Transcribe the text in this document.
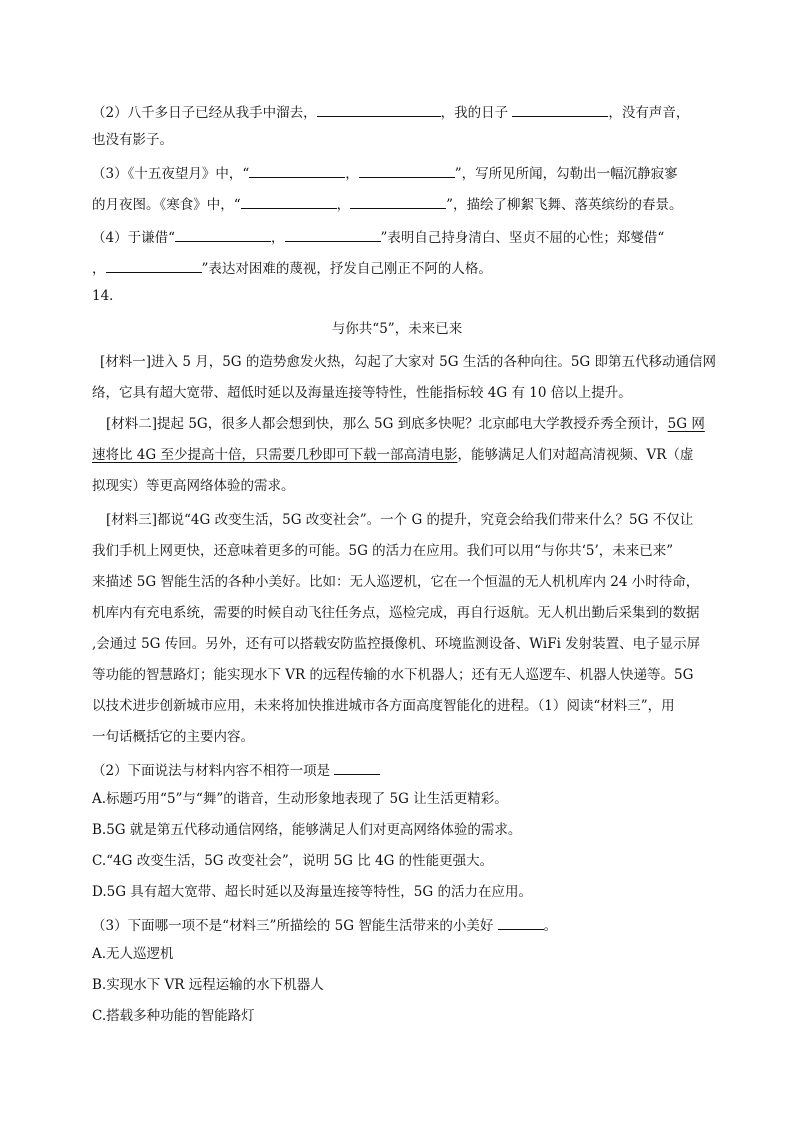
（2）八千多日子已经从我手中溜去，	，我的日子	，没有声音，
也没有影子。
（3）《十五夜望月》中，“	，	”，写所见所闻，勾勒出一幅沉静寂寥
的月夜图。《寒食》中，“	，	”，描绘了柳絮飞舞、落英缤纷的春景。
（4）于谦借“	，	”表明自己持身清白、坚贞不屈的心性；郑燮借“
，	”表达对困难的蔑视，抒发自己刚正不阿的人格。
14．
与你共“5”，未来已来
[材料一]进入 5 月，5G 的造势愈发火热，勾起了大家对 5G 生活的各种向往。5G 即第五代移动通信网
络，它具有超大宽带、超低时延以及海量连接等特性，性能指标较 4G 有 10 倍以上提升。
[材料二]提起 5G，很多人都会想到快，那么 5G 到底多快呢？北京邮电大学教授乔秀全预计，5G 网
速将比 4G 至少提高十倍，只需要几秒即可下载一部高清电影，能够满足人们对超高清视频、VR（虚
拟现实）等更高网络体验的需求。
[材料三]都说“4G 改变生活，5G 改变社会”。一个 G 的提升，究竟会给我们带来什么？5G 不仅让
我们手机上网更快，还意味着更多的可能。5G 的活力在应用。我们可以用“与你共‘5’，未来已来”
来描述 5G 智能生活的各种小美好。比如：无人巡逻机，它在一个恒温的无人机机库内 24 小时待命，
机库内有充电系统，需要的时候自动飞往任务点，巡检完成，再自行返航。无人机出勤后采集到的数据
,会通过 5G 传回。另外，还有可以搭载安防监控摄像机、环境监测设备、WiFi 发射装置、电子显示屏
等功能的智慧路灯；能实现水下 VR 的远程传输的水下机器人；还有无人巡逻车、机器人快递等。5G
以技术进步创新城市应用，未来将加快推进城市各方面高度智能化的进程。（1）阅读“材料三”，用
一句话概括它的主要内容。
（2）下面说法与材料内容不相符一项是
A.标题巧用“5”与“舞”的谐音，生动形象地表现了 5G 让生活更精彩。
B.5G 就是第五代移动通信网络，能够满足人们对更高网络体验的需求。
C.“4G 改变生活，5G 改变社会”，说明 5G 比 4G 的性能更强大。
D.5G 具有超大宽带、超长时延以及海量连接等特性，5G 的活力在应用。
（3）下面哪一项不是“材料三”所描绘的 5G 智能生活带来的小美好	。
A.无人巡逻机
B.实现水下 VR 远程运输的水下机器人
C.搭载多种功能的智能路灯
